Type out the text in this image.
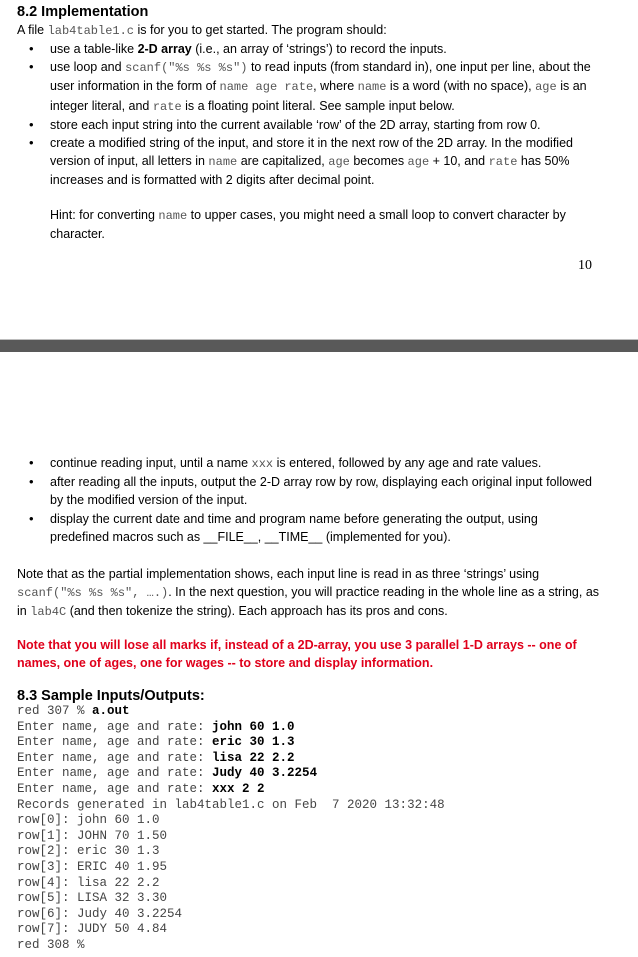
8.2 Implementation
A file lab4table1.c is for you to get started. The program should:
• use a table-like 2-D array (i.e., an array of ‘strings’) to record the inputs.
• use loop and scanf("%s %s %s") to read inputs (from standard in), one input per line, about the user information in the form of name age rate, where name is a word (with no space), age is an integer literal, and rate is a floating point literal. See sample input below.
• store each input string into the current available ‘row’ of the 2D array, starting from row 0.
• create a modified string of the input, and store it in the next row of the 2D array. In the modified version of input, all letters in name are capitalized, age becomes age + 10, and rate has 50% increases and is formatted with 2 digits after decimal point.
Hint: for converting name to upper cases, you might need a small loop to convert character by character.
10
• continue reading input, until a name xxx is entered, followed by any age and rate values.
• after reading all the inputs, output the 2-D array row by row, displaying each original input followed by the modified version of the input.
• display the current date and time and program name before generating the output, using predefined macros such as __FILE__, __TIME__ (implemented for you).
Note that as the partial implementation shows, each input line is read in as three ‘strings’ using scanf("%s %s %s", ….). In the next question, you will practice reading in the whole line as a string, as in lab4C (and then tokenize the string). Each approach has its pros and cons.
Note that you will lose all marks if, instead of a 2D-array, you use 3 parallel 1-D arrays -- one of names, one of ages, one for wages -- to store and display information.
8.3 Sample Inputs/Outputs:
red 307 % a.out
Enter name, age and rate: john 60 1.0
Enter name, age and rate: eric 30 1.3
Enter name, age and rate: lisa 22 2.2
Enter name, age and rate: Judy 40 3.2254
Enter name, age and rate: xxx 2 2
Records generated in lab4table1.c on Feb  7 2020 13:32:48
row[0]: john 60 1.0
row[1]: JOHN 70 1.50
row[2]: eric 30 1.3
row[3]: ERIC 40 1.95
row[4]: lisa 22 2.2
row[5]: LISA 32 3.30
row[6]: Judy 40 3.2254
row[7]: JUDY 50 4.84
red 308 %
